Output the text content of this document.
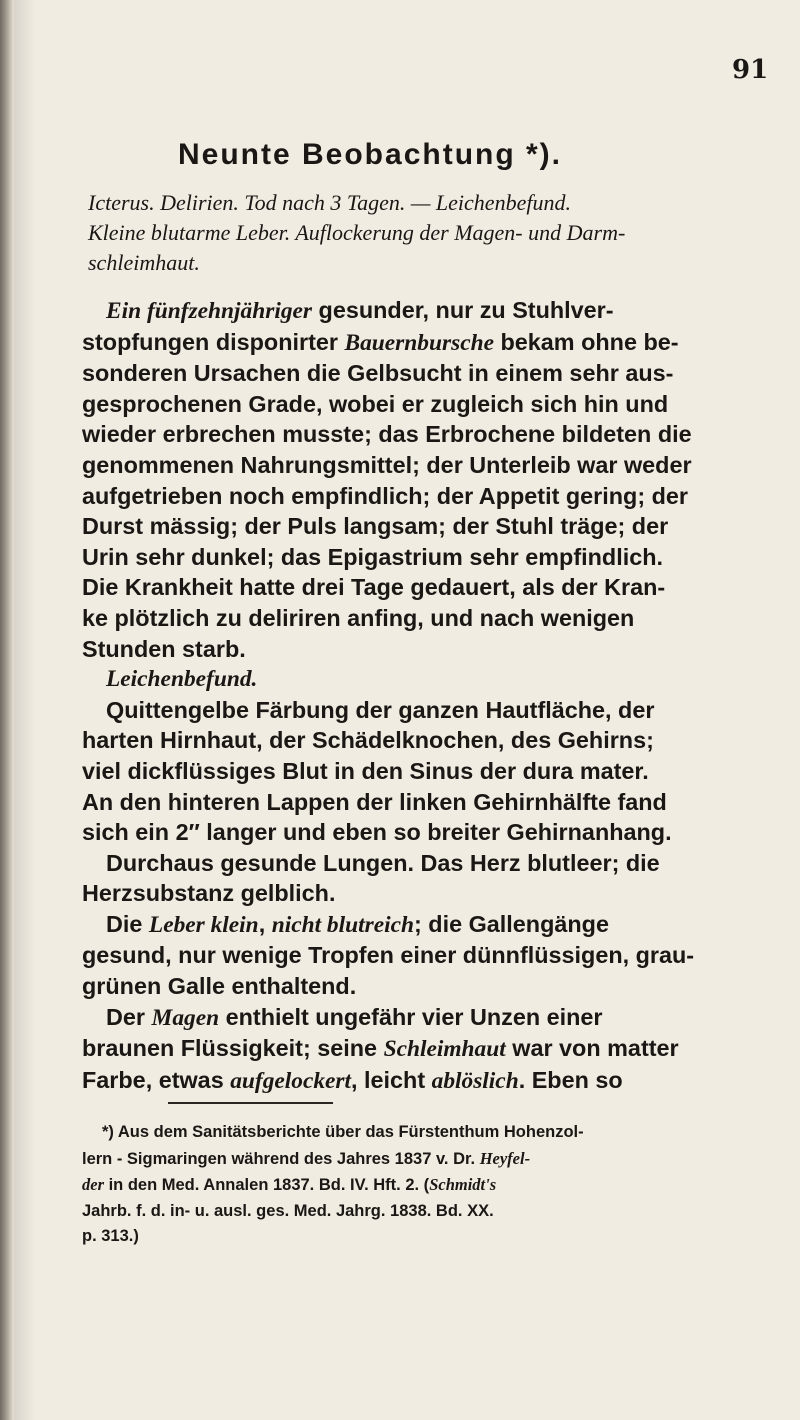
91
Neunte Beobachtung *).
Icterus. Delirien. Tod nach 3 Tagen. — Leichenbefund.
Kleine blutarme Leber. Auflockerung der Magen- und Darm-
schleimhaut.
Ein fünfzehnjähriger gesunder, nur zu Stuhlver-
stopfungen disponirter Bauernbursche bekam ohne be-
sonderen Ursachen die Gelbsucht in einem sehr aus-
gesprochenen Grade, wobei er zugleich sich hin und
wieder erbrechen musste; das Erbrochene bildeten die
genommenen Nahrungsmittel; der Unterleib war weder
aufgetrieben noch empfindlich; der Appetit gering; der
Durst mässig; der Puls langsam; der Stuhl träge; der
Urin sehr dunkel; das Epigastrium sehr empfindlich.
Die Krankheit hatte drei Tage gedauert, als der Kran-
ke plötzlich zu deliriren anfing, und nach wenigen
Stunden starb.
Leichenbefund.
Quittengelbe Färbung der ganzen Hautfläche, der
harten Hirnhaut, der Schädelknochen, des Gehirns;
viel dickflüssiges Blut in den Sinus der dura mater.
An den hinteren Lappen der linken Gehirnhälfte fand
sich ein 2″ langer und eben so breiter Gehirnanhang.
Durchaus gesunde Lungen. Das Herz blutleer; die
Herzsubstanz gelblich.
Die Leber klein, nicht blutreich; die Gallengänge
gesund, nur wenige Tropfen einer dünnflüssigen, grau-
grünen Galle enthaltend.
Der Magen enthielt ungefähr vier Unzen einer
braunen Flüssigkeit; seine Schleimhaut war von matter
Farbe, etwas aufgelockert, leicht ablöslich. Eben so
*) Aus dem Sanitätsberichte über das Fürstenthum Hohenzol-
lern - Sigmaringen während des Jahres 1837 v. Dr. Heyfel-
der in den Med. Annalen 1837. Bd. IV. Hft. 2. (Schmidt's
Jahrb. f. d. in- u. ausl. ges. Med. Jahrg. 1838. Bd. XX.
p. 313.)
